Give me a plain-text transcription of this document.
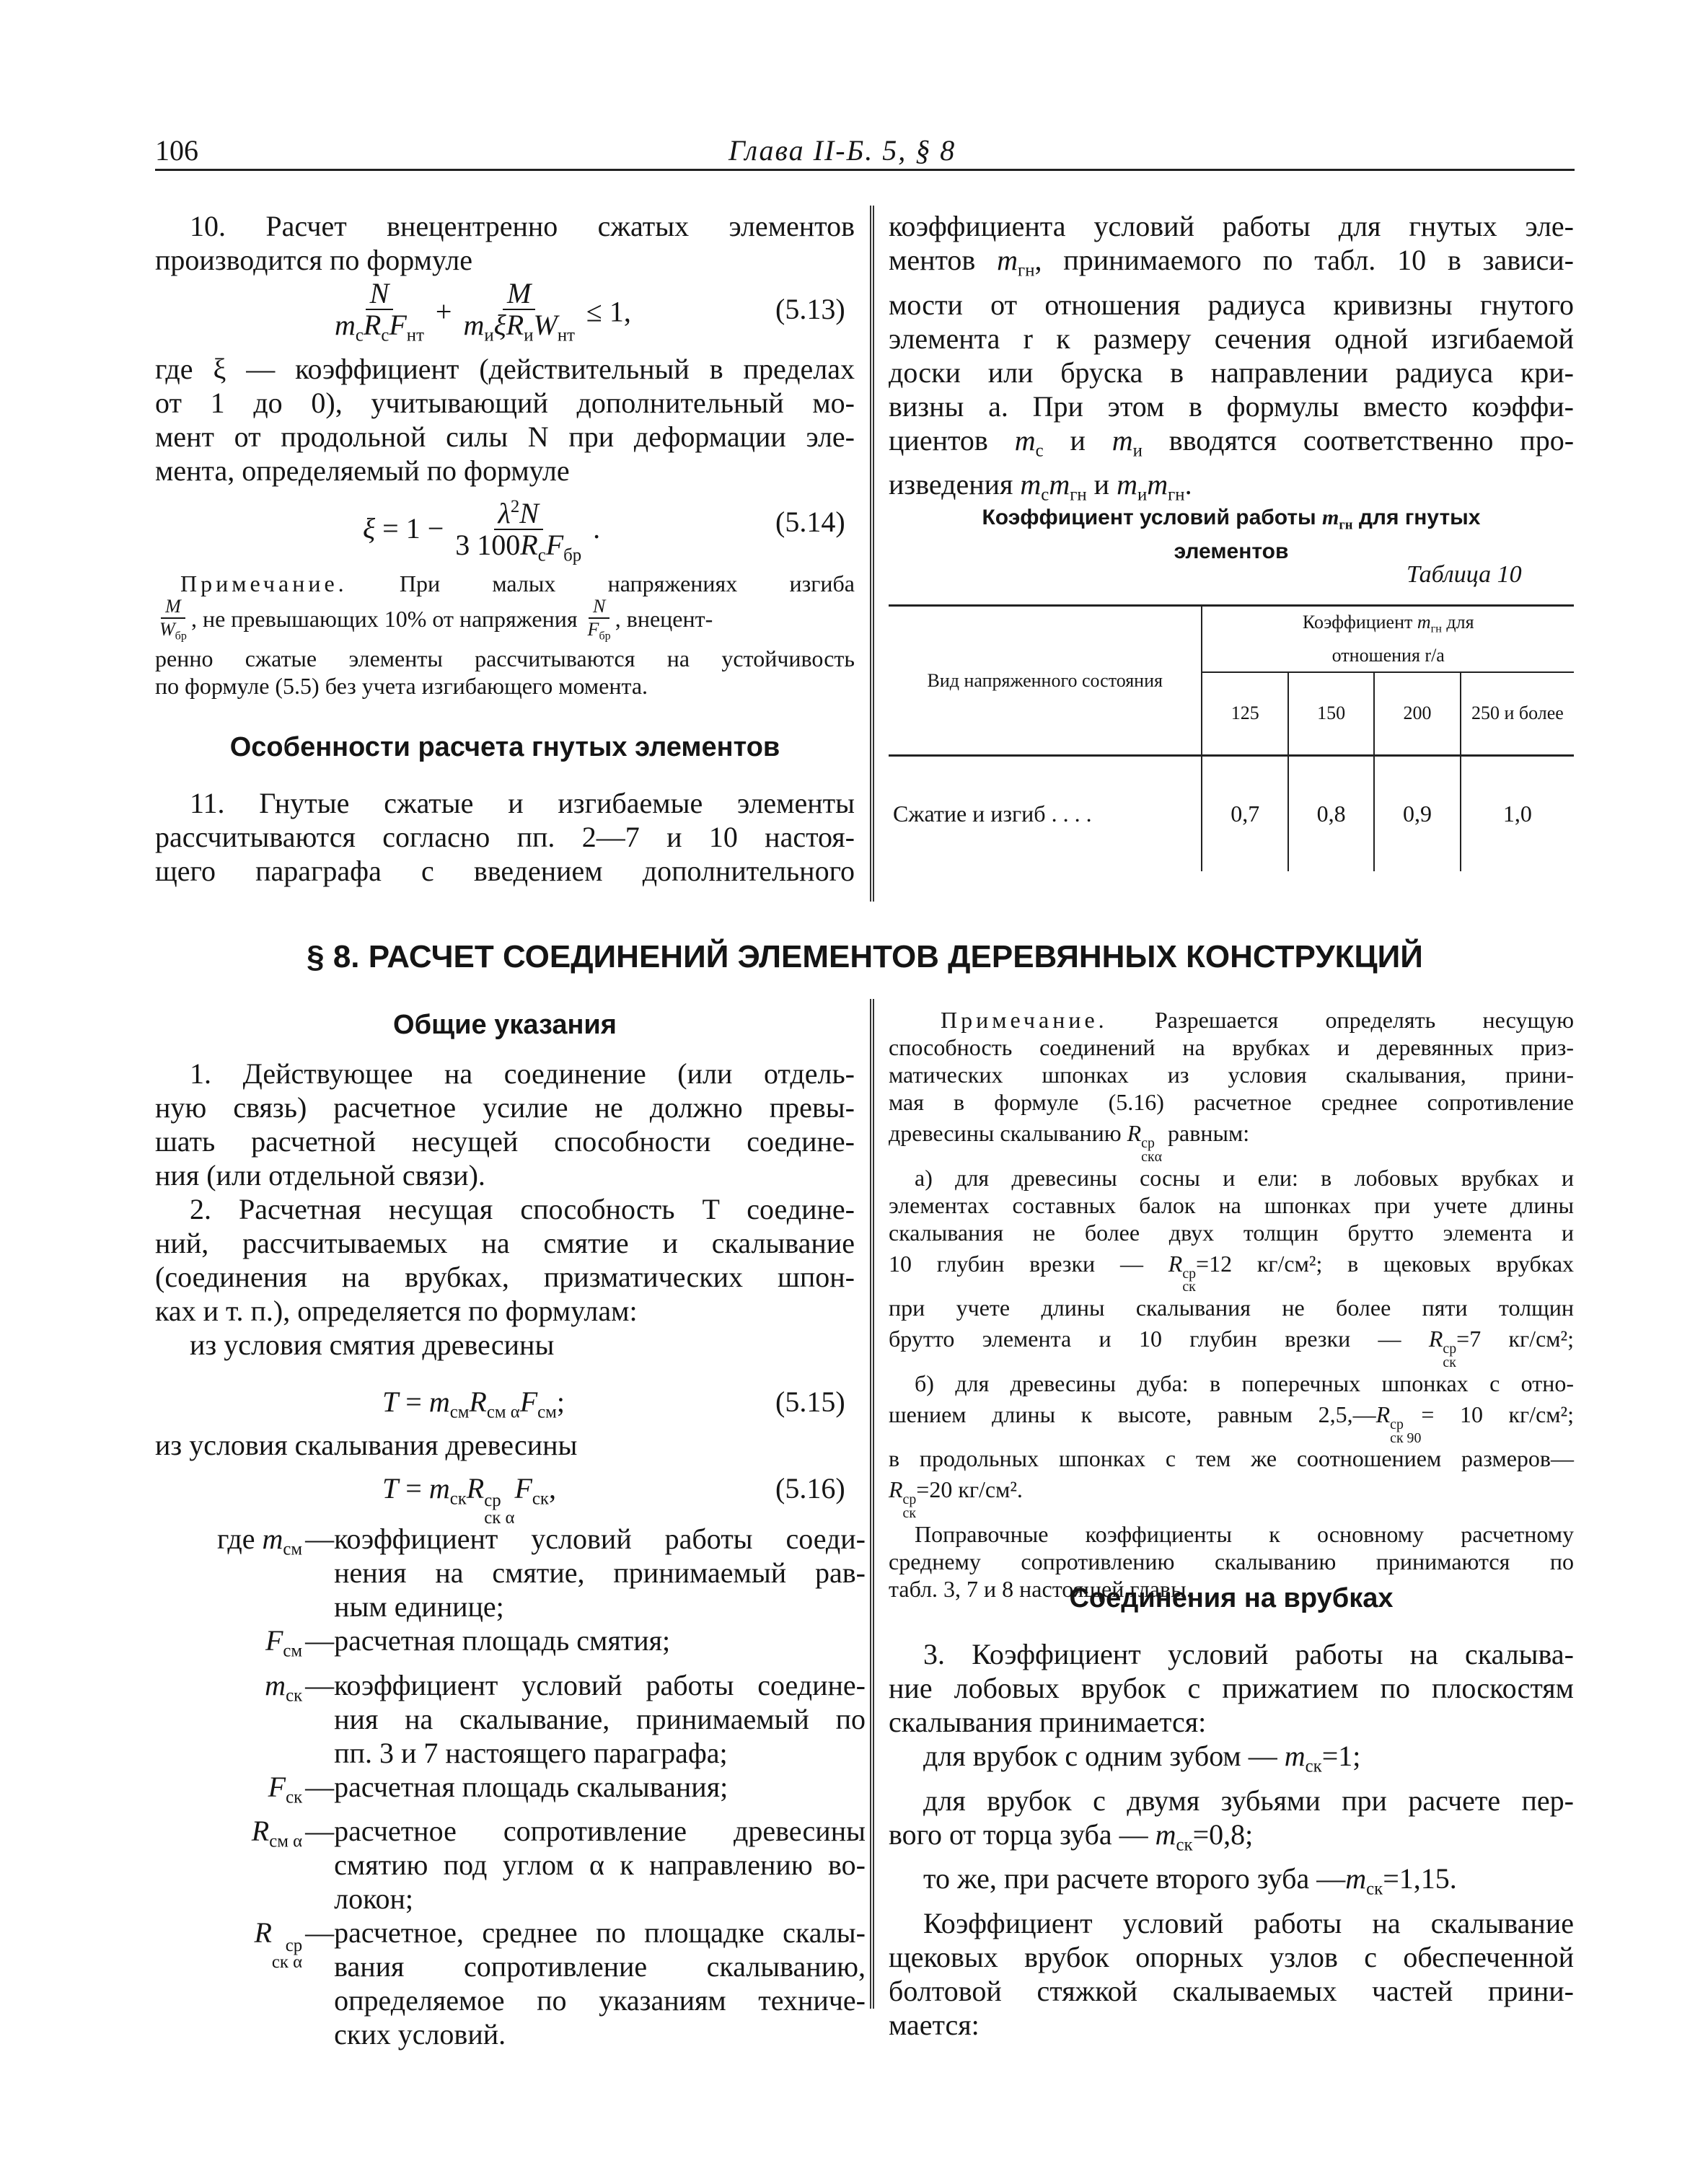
106	Глава II-Б. 5, § 8
10. Расчет внецентренно сжатых элементов
производится по формуле
$\frac{N}{m_сR_сF_{нт}} + \frac{M}{m_и\xi R_иW_{нт}} \le 1$,	(5.13)
где ξ — коэффициент (действительный в пределах
от 1 до 0), учитывающий дополнительный мо-
мент от продольной силы N при деформации эле-
мента, определяемый по формуле
$\xi = 1 - \frac{\lambda^2N}{3 100R_сF_{бр}}$ .	(5.14)
Примечание. При малых напряжениях изгиба
$\frac{M}{W_{бр}}$ , не превышающих 10% от напряжения $\frac{N}{F_{бр}}$ , внецент-
ренно сжатые элементы рассчитываются на устойчивость
по формуле (5.5) без учета изгибающего момента.
Особенности расчета гнутых элементов
11. Гнутые сжатые и изгибаемые элементы
рассчитываются согласно пп. 2—7 и 10 настоя-
щего параграфа с введением дополнительного
коэффициента условий работы для гнутых эле-
ментов $m_{гн}$, принимаемого по табл. 10 в зависи-
мости от отношения радиуса кривизны гнутого
элемента r к размеру сечения одной изгибаемой
доски или бруска в направлении радиуса кри-
визны a. При этом в формулы вместо коэффи-
циентов $m_с$ и $m_и$ вводятся соответственно про-
изведения $m_сm_{гн}$ и $m_иm_{гн}$.
Коэффициент условий работы $m_{гн}$ для гнутых
элементов
Таблица 10
Вид напряженного состояния	Коэффициент $m_{гн}$ для
отношения r/a			

	125	150	200	250 и более
Сжатие и изгиб . . . .	0,7	0,8	0,9	1,0
§ 8. РАСЧЕТ СОЕДИНЕНИЙ ЭЛЕМЕНТОВ ДЕРЕВЯННЫХ КОНСТРУКЦИЙ
Общие указания
1. Действующее на соединение (или отдель-
ную связь) расчетное усилие не должно превы-
шать расчетной несущей способности соедине-
ния (или отдельной связи).
2. Расчетная несущая способность T соедине-
ний, рассчитываемых на смятие и скалывание
(соединения на врубках, призматических шпон-
ках и т. п.), определяется по формулам:
из условия смятия древесины
$T = m_{см}R_{см \alpha}F_{см}$;	(5.15)
из условия скалывания древесины
$T = m_{ск}R$ ср
ск α
$F_{ск}$,	(5.16)
где $m_{см}$ — коэффициент условий работы соеди-
нения на смятие, принимаемый рав-
ным единице;
$F_{см}$ — расчетная площадь смятия;
$m_{ск}$ — коэффициент условий работы соедине-
ния на скалывание, принимаемый по
пп. 3 и 7 настоящего параграфа;
$F_{ск}$ — расчетная площадь скалывания;
$R_{см \alpha}$ — расчетное сопротивление древесины
смятию под углом α к направлению во-
локон;
R ср
ск α
— расчетное, среднее по площадке скалы-
вания сопротивление скалыванию,
определяемое по указаниям техниче-
ских условий.
Примечание. Разрешается определять несущую
способность соединений на врубках и деревянных приз-
матических шпонках из условия скалывания, прини-
мая в формуле (5.16) расчетное среднее сопротивление
древесины скалыванию R ср
скα
равным:
а) для древесины сосны и ели: в лобовых врубках и
элементах составных балок на шпонках при учете длины
скалывания не более двух толщин брутто элемента и
10 глубин врезки — R ср
ск
=12 кг/см²; в щековых врубках
при учете длины скалывания не более пяти толщин
брутто элемента и 10 глубин врезки — R ср
ск
=7 кг/см²;
б) для древесины дуба: в поперечных шпонках с отно-
шением длины к высоте, равным 2,5,—R ср
ск 90
= 10 кг/см²;
в продольных шпонках с тем же соотношением размеров—
R ср
ск
=20 кг/см².
Поправочные коэффициенты к основному расчетному
среднему сопротивлению скалыванию принимаются по
табл. 3, 7 и 8 настоящей главы.
Соединения на врубках
3. Коэффициент условий работы на скалыва-
ние лобовых врубок с прижатием по плоскостям
скалывания принимается:
для врубок с одним зубом — $m_{ск}=1$;
для врубок с двумя зубьями при расчете пер-
вого от торца зуба — $m_{ск}=0,8$;
то же, при расчете второго зуба $—m_{ск}=1,15$.
Коэффициент условий работы на скалывание
щековых врубок опорных узлов с обеспеченной
болтовой стяжкой скалываемых частей прини-
мается:
